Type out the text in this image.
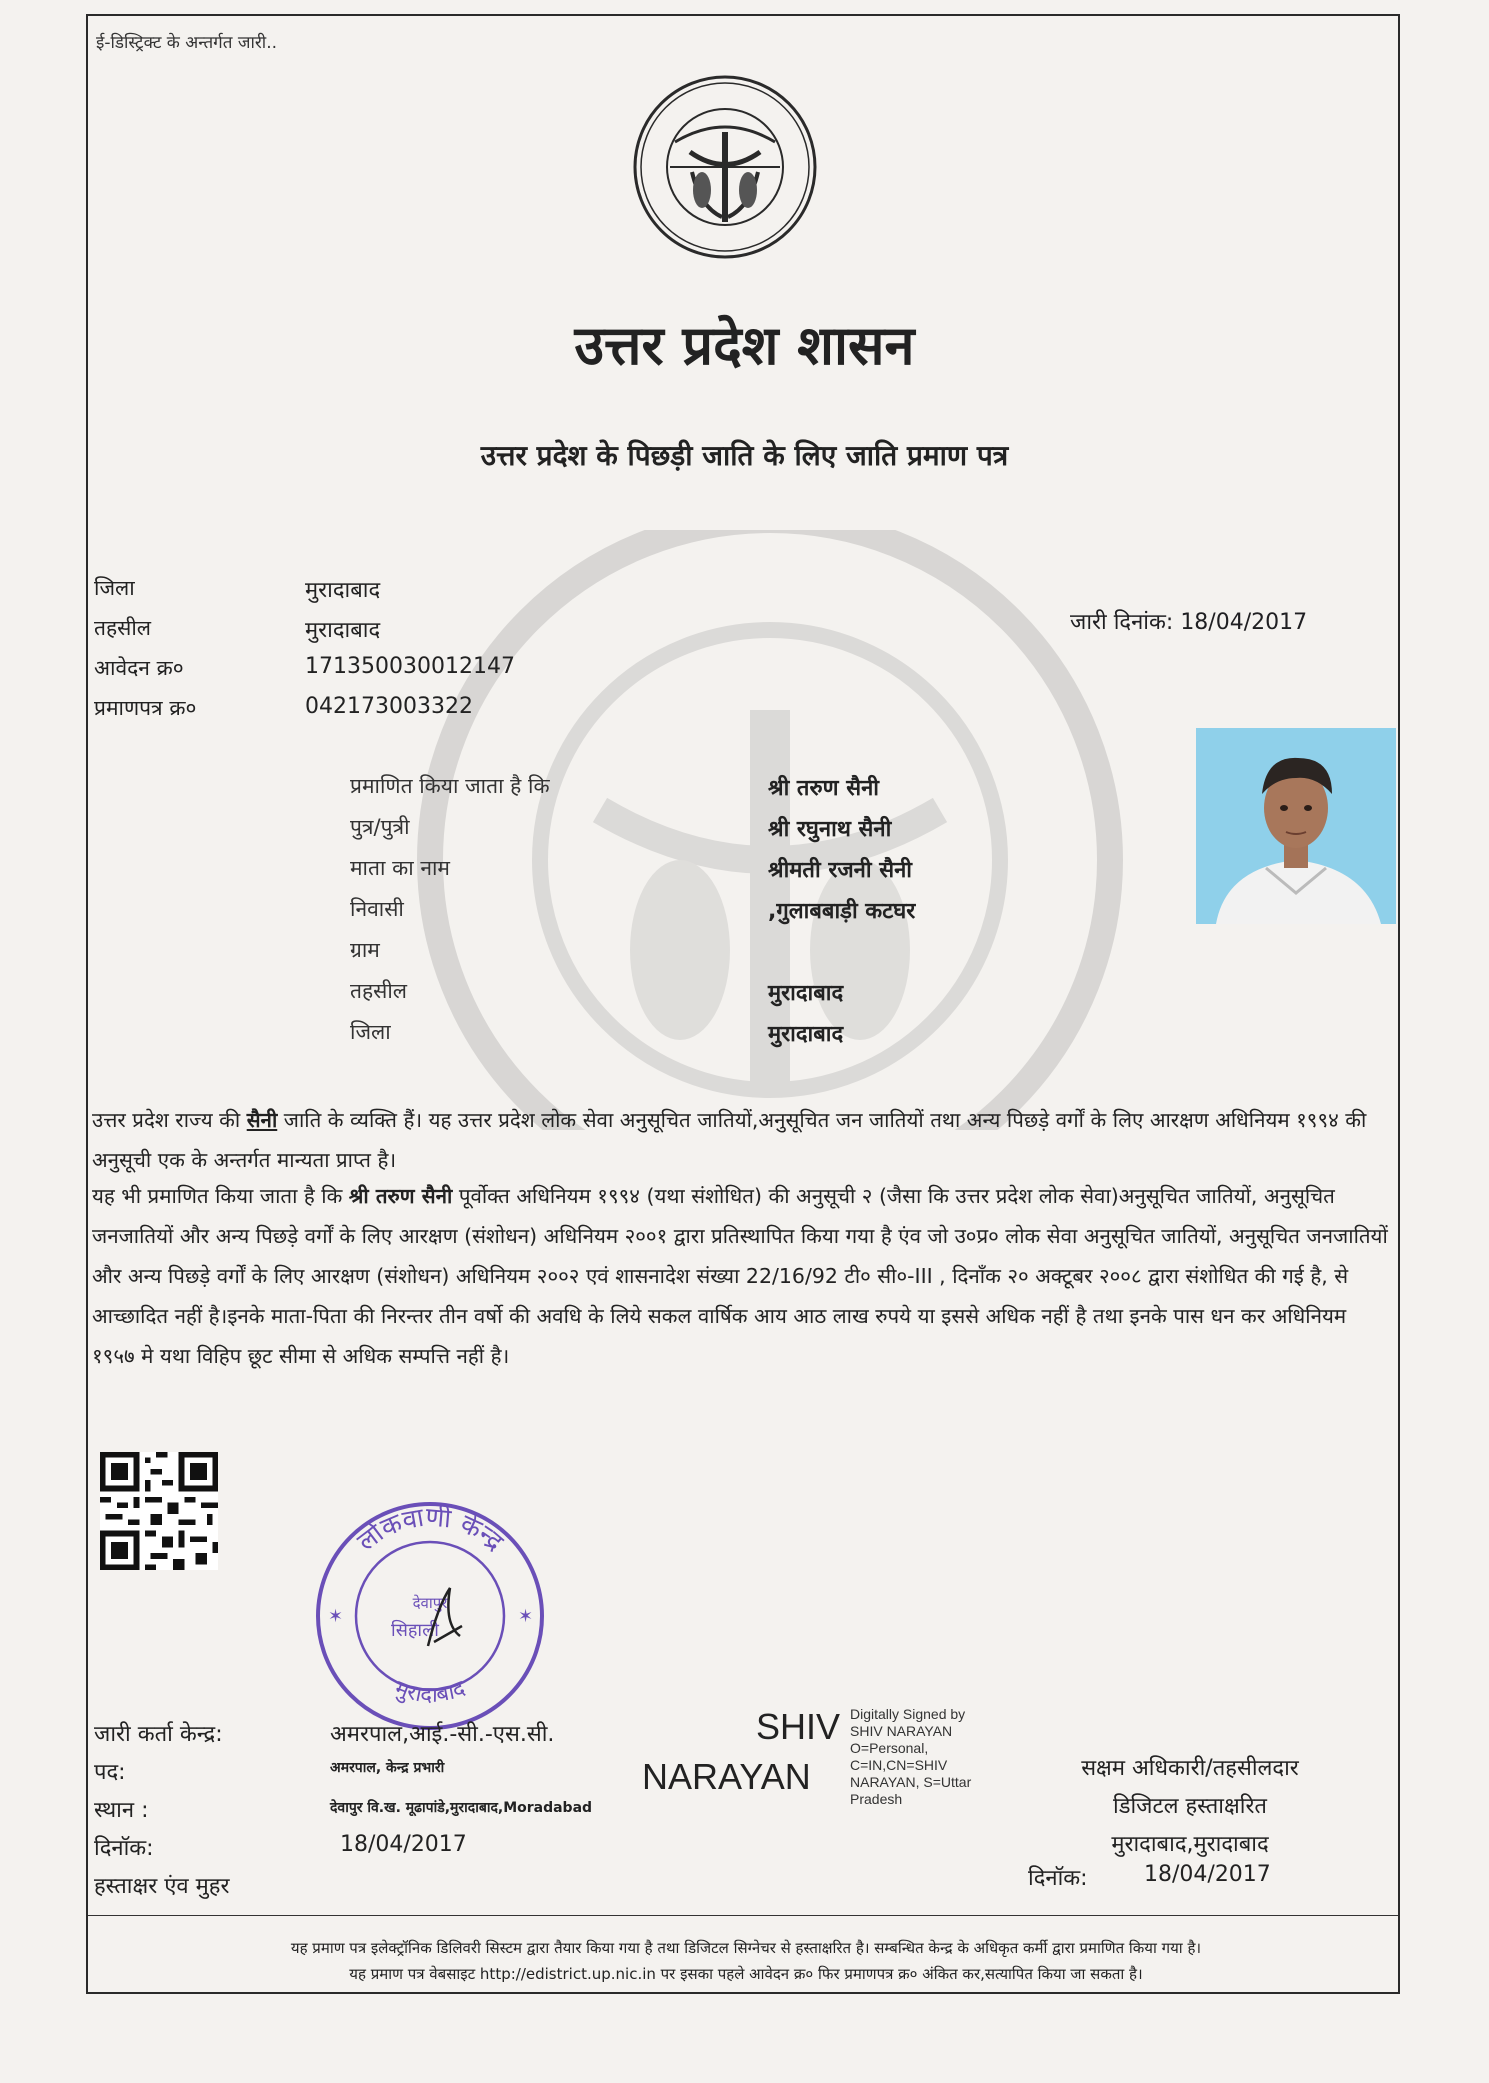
ई-डिस्ट्रिक्ट के अन्तर्गत जारी..
उत्तर प्रदेश शासन
उत्तर प्रदेश के पिछड़ी जाति के लिए जाति प्रमाण पत्र
जिला	मुरादाबाद
तहसील	मुरादाबाद
आवेदन क्र०	171350030012147
प्रमाणपत्र क्र०	042173003322
जारी दिनांक: 18/04/2017
प्रमाणित किया जाता है कि	श्री तरुण सैनी
पुत्र/पुत्री	श्री रघुनाथ सैनी
माता का नाम	श्रीमती रजनी सैनी
निवासी	,गुलाबबाड़ी कटघर
ग्राम
तहसील	मुरादाबाद
जिला	मुरादाबाद
उत्तर प्रदेश राज्य की सैनी जाति के व्यक्ति हैं। यह उत्तर प्रदेश लोक सेवा अनुसूचित जातियों,अनुसूचित जन जातियों तथा अन्य पिछड़े वर्गों के लिए आरक्षण अधिनियम १९९४ की अनुसूची एक के अन्तर्गत मान्यता प्राप्त है।
यह भी प्रमाणित किया जाता है कि श्री तरुण सैनी पूर्वोक्त अधिनियम १९९४ (यथा संशोधित) की अनुसूची २ (जैसा कि उत्तर प्रदेश लोक सेवा)अनुसूचित जातियों, अनुसूचित जनजातियों और अन्य पिछड़े वर्गों के लिए आरक्षण (संशोधन) अधिनियम २००१ द्वारा प्रतिस्थापित किया गया है एंव जो उ०प्र० लोक सेवा अनुसूचित जातियों, अनुसूचित जनजातियों और अन्य पिछड़े वर्गों के लिए आरक्षण (संशोधन) अधिनियम २००२ एवं शासनादेश संख्या 22/16/92 टी० सी०-III , दिनाँक २० अक्टूबर २००८ द्वारा संशोधित की गई है, से आच्छादित नहीं है।इनके माता-पिता की निरन्तर तीन वर्षो की अवधि के लिये सकल वार्षिक आय आठ लाख रुपये या इससे अधिक नहीं है तथा इनके पास धन कर अधिनियम १९५७ मे यथा विहिप छूट सीमा से अधिक सम्पत्ति नहीं है।
लोकवाणी केन्द्र
मुरादाबाद
देवापुर
सिहाली
✶	✶
जारी कर्ता केन्द्र:	अमरपाल,आई.-सी.-एस.सी.
पद:	अमरपाल, केन्द्र प्रभारी
स्थान :	देवापुर वि.ख. मूढापांडे,मुरादाबाद,Moradabad
दिनॉक:	18/04/2017
हस्ताक्षर एंव मुहर
SHIV
NARAYAN
Digitally Signed by
SHIV NARAYAN
O=Personal,
C=IN,CN=SHIV
NARAYAN, S=Uttar
Pradesh
सक्षम अधिकारी/तहसीलदार
डिजिटल हस्ताक्षरित
मुरादाबाद,मुरादाबाद
दिनॉक:	18/04/2017
यह प्रमाण पत्र इलेक्ट्रॉनिक डिलिवरी सिस्टम द्वारा तैयार किया गया है तथा डिजिटल सिग्नेचर से हस्ताक्षरित है। सम्बन्धित केन्द्र के अधिकृत कर्मी द्वारा प्रमाणित किया गया है।
यह प्रमाण पत्र वेबसाइट http://edistrict.up.nic.in पर इसका पहले आवेदन क्र० फिर प्रमाणपत्र क्र० अंकित कर,सत्यापित किया जा सकता है।
